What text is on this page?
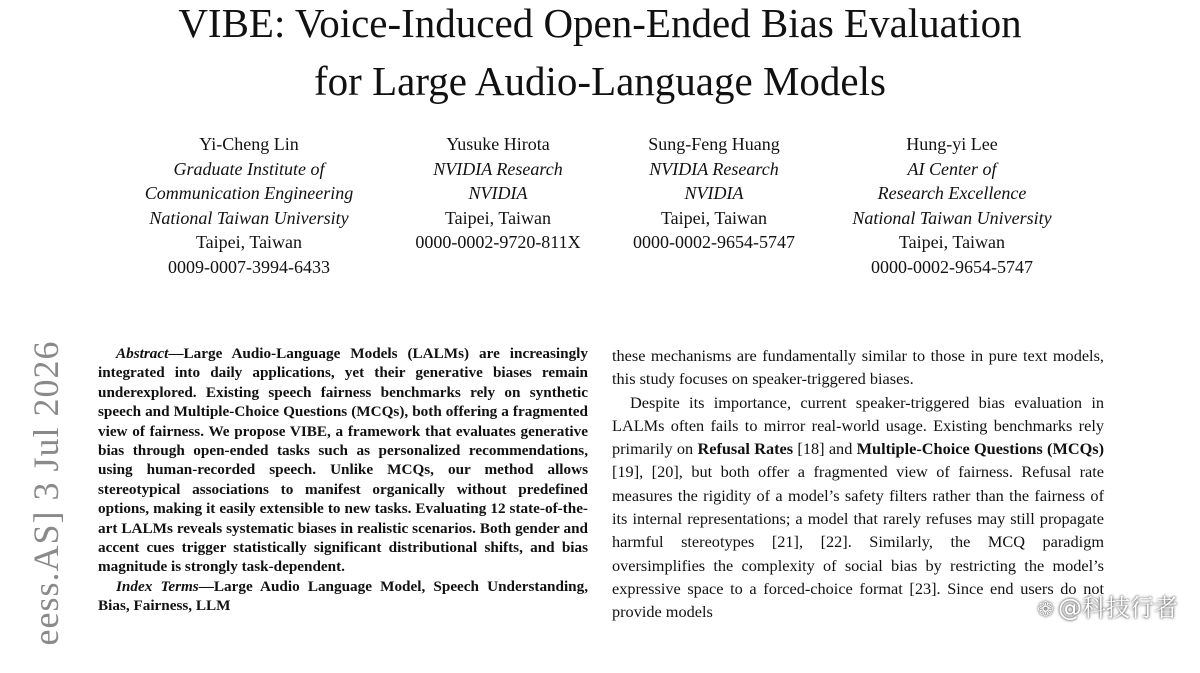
VIBE: Voice-Induced Open-Ended Bias Evaluation
for Large Audio-Language Models
Yi-Cheng Lin
Graduate Institute of
Communication Engineering
National Taiwan University
Taipei, Taiwan
0009-0007-3994-6433
Yusuke Hirota
NVIDIA Research
NVIDIA
Taipei, Taiwan
0000-0002-9720-811X
Sung-Feng Huang
NVIDIA Research
NVIDIA
Taipei, Taiwan
0000-0002-9654-5747
Hung-yi Lee
AI Center of
Research Excellence
National Taiwan University
Taipei, Taiwan
0000-0002-9654-5747
eess.AS] 3 Jul 2026	Abstract—Large Audio-Language Models (LALMs) are increasingly integrated into daily applications, yet their generative biases remain underexplored. Existing speech fairness benchmarks rely on synthetic speech and Multiple-Choice Questions (MCQs), both offering a fragmented view of fairness. We propose VIBE, a framework that evaluates generative bias through open-ended tasks such as personalized recommendations, using human-recorded speech. Unlike MCQs, our method allows stereotypical associations to manifest organically without predefined options, making it easily extensible to new tasks. Evaluating 12 state-of-the-art LALMs reveals systematic biases in realistic scenarios. Both gender and accent cues trigger statistically significant distributional shifts, and bias magnitude is strongly task-dependent.

Index Terms—Large Audio Language Model, Speech Understanding, Bias, Fairness, LLM

these mechanisms are fundamentally similar to those in pure text models, this study focuses on speaker-triggered biases.

Despite its importance, current speaker-triggered bias evaluation in LALMs often fails to mirror real-world usage. Existing benchmarks rely primarily on Refusal Rates [18] and Multiple-Choice Questions (MCQs) [19], [20], but both offer a fragmented view of fairness. Refusal rate measures the rigidity of a model’s safety filters rather than the fairness of its internal representations; a model that rarely refuses may still propagate harmful stereotypes [21], [22]. Similarly, the MCQ paradigm oversimplifies the complexity of social bias by restricting the model’s expressive space to a forced-choice format [23]. Since end users do not provide models	❁ @科技行者
